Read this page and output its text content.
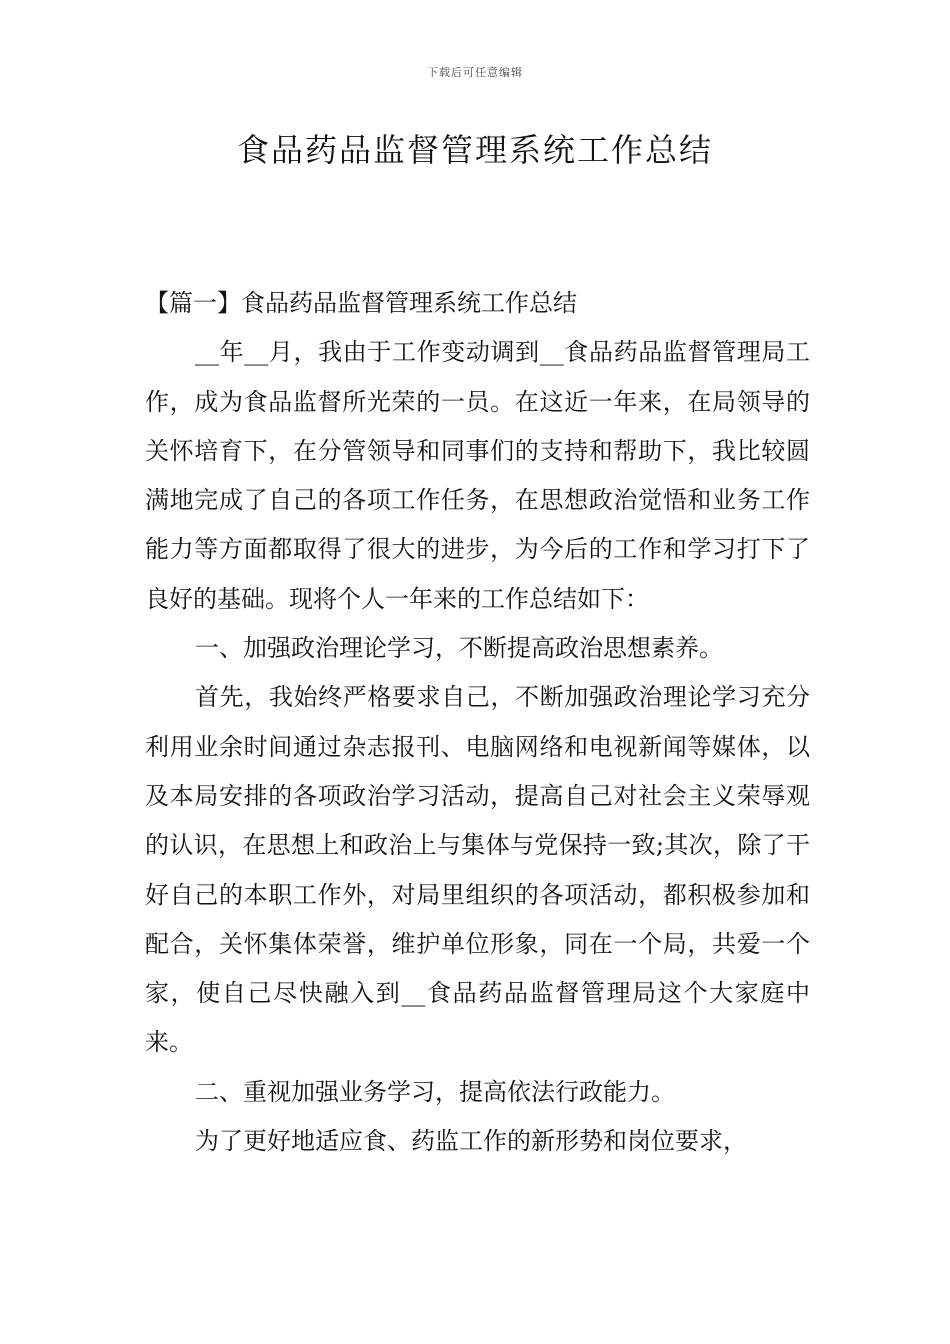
下载后可任意编辑
食品药品监督管理系统工作总结

【篇一】食品药品监督管理系统工作总结

__年__月，我由于工作变动调到__食品药品监督管理局工作，成为食品监督所光荣的一员。在这近一年来，在局领导的关怀培育下，在分管领导和同事们的支持和帮助下，我比较圆满地完成了自己的各项工作任务，在思想政治觉悟和业务工作能力等方面都取得了很大的进步，为今后的工作和学习打下了良好的基础。现将个人一年来的工作总结如下：

一、加强政治理论学习，不断提高政治思想素养。

首先，我始终严格要求自己，不断加强政治理论学习充分利用业余时间通过杂志报刊、电脑网络和电视新闻等媒体，以及本局安排的各项政治学习活动，提高自己对社会主义荣辱观的认识，在思想上和政治上与集体与党保持一致;其次，除了干好自己的本职工作外，对局里组织的各项活动，都积极参加和配合，关怀集体荣誉，维护单位形象，同在一个局，共爱一个家，使自己尽快融入到__食品药品监督管理局这个大家庭中来。

二、重视加强业务学习，提高依法行政能力。

为了更好地适应食、药监工作的新形势和岗位要求，
